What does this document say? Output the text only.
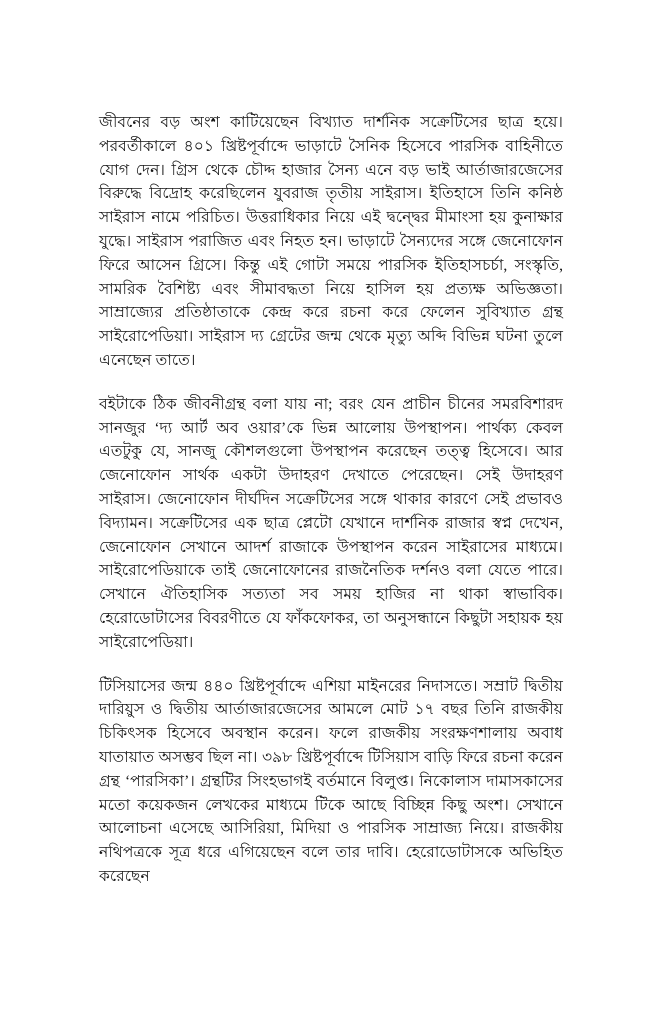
জীবনের বড় অংশ কাটিয়েছেন বিখ্যাত দার্শনিক সক্রেটিসের ছাত্র হয়ে। পরবর্তীকালে ৪০১ খ্রিষ্টপূর্বাব্দে ভাড়াটে সৈনিক হিসেবে পারসিক বাহিনীতে যোগ দেন। গ্রিস থেকে চৌদ্দ হাজার সৈন্য এনে বড় ভাই আর্তাজারজেসের বিরুদ্ধে বিদ্রোহ করেছিলেন যুবরাজ তৃতীয় সাইরাস। ইতিহাসে তিনি কনিষ্ঠ সাইরাস নামে পরিচিত। উত্তরাধিকার নিয়ে এই দ্বন্দ্বের মীমাংসা হয় কুনাক্ষার যুদ্ধে। সাইরাস পরাজিত এবং নিহত হন। ভাড়াটে সৈন্যদের সঙ্গে জেনোফোন ফিরে আসেন গ্রিসে। কিন্তু এই গোটা সময়ে পারসিক ইতিহাসচর্চা, সংস্কৃতি, সামরিক বৈশিষ্ট্য এবং সীমাবদ্ধতা নিয়ে হাসিল হয় প্রত্যক্ষ অভিজ্ঞতা। সাম্রাজ্যের প্রতিষ্ঠাতাকে কেন্দ্র করে রচনা করে ফেলেন সুবিখ্যাত গ্রন্থ সাইরোপেডিয়া। সাইরাস দ্য গ্রেটের জন্ম থেকে মৃত্যু অব্দি বিভিন্ন ঘটনা তুলে এনেছেন তাতে।

বইটাকে ঠিক জীবনীগ্রন্থ বলা যায় না; বরং যেন প্রাচীন চীনের সমরবিশারদ সানজুর ‘দ্য আর্ট অব ওয়ার’কে ভিন্ন আলোয় উপস্থাপন। পার্থক্য কেবল এতটুকু যে, সানজু কৌশলগুলো উপস্থাপন করেছেন তত্ত্ব হিসেবে। আর জেনোফোন সার্থক একটা উদাহরণ দেখাতে পেরেছেন। সেই উদাহরণ সাইরাস। জেনোফোন দীর্ঘদিন সক্রেটিসের সঙ্গে থাকার কারণে সেই প্রভাবও বিদ্যামন। সক্রেটিসের এক ছাত্র প্লেটো যেখানে দার্শনিক রাজার স্বপ্ন দেখেন, জেনোফোন সেখানে আদর্শ রাজাকে উপস্থাপন করেন সাইরাসের মাধ্যমে। সাইরোপেডিয়াকে তাই জেনোফোনের রাজনৈতিক দর্শনও বলা যেতে পারে। সেখানে ঐতিহাসিক সত্যতা সব সময় হাজির না থাকা স্বাভাবিক। হেরোডোটাসের বিবরণীতে যে ফাঁকফোকর, তা অনুসন্ধানে কিছুটা সহায়ক হয় সাইরোপেডিয়া।

টিসিয়াসের জন্ম ৪৪০ খ্রিষ্টপূর্বাব্দে এশিয়া মাইনরের নিদাসতে। সম্রাট দ্বিতীয় দারিয়ুস ও দ্বিতীয় আর্তাজারজেসের আমলে মোট ১৭ বছর তিনি রাজকীয় চিকিৎসক হিসেবে অবস্থান করেন। ফলে রাজকীয় সংরক্ষণশালায় অবাধ যাতায়াত অসম্ভব ছিল না। ৩৯৮ খ্রিষ্টপূর্বাব্দে টিসিয়াস বাড়ি ফিরে রচনা করেন গ্রন্থ ‘পারসিকা’। গ্রন্থটির সিংহভাগই বর্তমানে বিলুপ্ত। নিকোলাস দামাসকাসের মতো কয়েকজন লেখকের মাধ্যমে টিকে আছে বিচ্ছিন্ন কিছু অংশ। সেখানে আলোচনা এসেছে আসিরিয়া, মিদিয়া ও পারসিক সাম্রাজ্য নিয়ে। রাজকীয় নথিপত্রকে সূত্র ধরে এগিয়েছেন বলে তার দাবি। হেরোডোটাসকে অভিহিত করেছেন
